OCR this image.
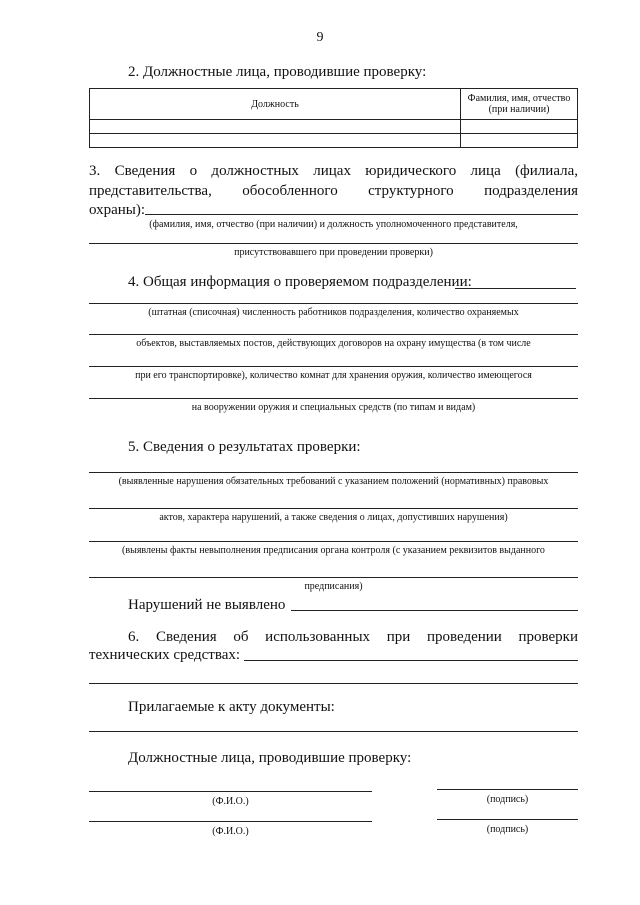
9
2. Должностные лица, проводившие проверку:
Должность	Фамилия, имя, отчество
(при наличии)

3. Сведения о должностных лицах юридического лица (филиала,
представительства, обособленного структурного подразделения
охраны):
(фамилия, имя, отчество (при наличии) и должность уполномоченного представителя,
присутствовавшего при проведении проверки)
4. Общая информация о проверяемом подразделении:
(штатная (списочная) численность работников подразделения, количество охраняемых
объектов, выставляемых постов, действующих договоров на охрану имущества (в том числе
при его транспортировке), количество комнат для хранения оружия, количество имеющегося
на вооружении оружия и специальных средств (по типам и видам)
5. Сведения о результатах проверки:
(выявленные нарушения обязательных требований с указанием положений (нормативных) правовых
актов, характера нарушений, а также сведения о лицах, допустивших нарушения)
(выявлены факты невыполнения предписания органа контроля (с указанием реквизитов выданного
предписания)
Нарушений не выявлено
6. Сведения об использованных при проведении проверки
технических средствах:
Прилагаемые к акту документы:
Должностные лица, проводившие проверку:
(Ф.И.О.)	(подпись)
(Ф.И.О.)	(подпись)
